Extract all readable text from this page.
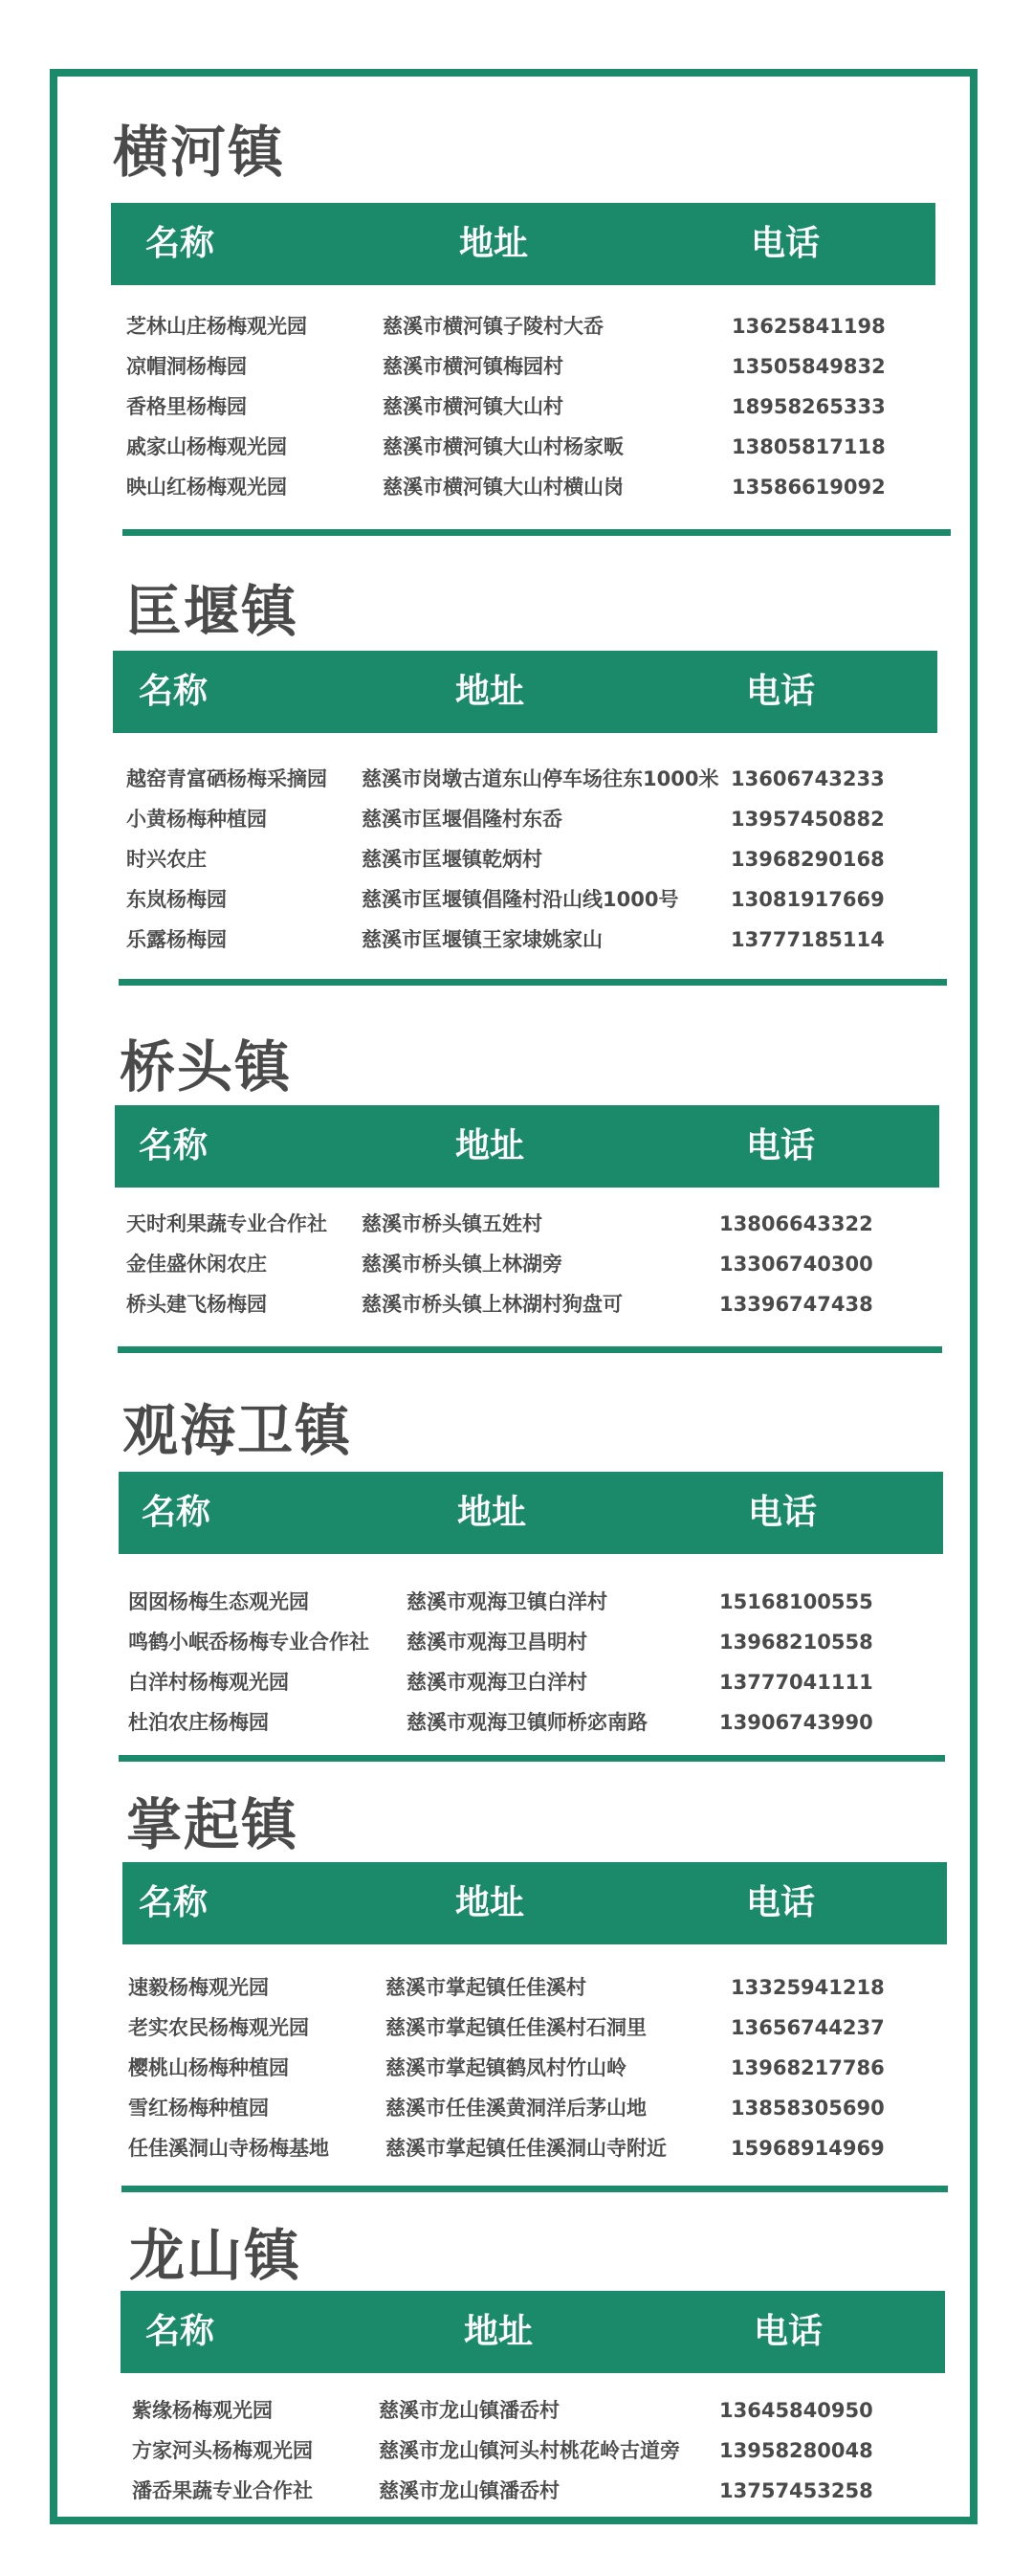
横河镇
名称	地址	电话
芝林山庄杨梅观光园	慈溪市横河镇子陵村大岙	13625841198
凉帽洞杨梅园	慈溪市横河镇梅园村	13505849832
香格里杨梅园	慈溪市横河镇大山村	18958265333
戚家山杨梅观光园	慈溪市横河镇大山村杨家畈	13805817118
映山红杨梅观光园	慈溪市横河镇大山村横山岗	13586619092
匡堰镇
名称	地址	电话
越窑青富硒杨梅采摘园 慈溪市岗墩古道东山停车场往东1000米 13606743233
小黄杨梅种植园	慈溪市匡堰倡隆村东岙	13957450882
时兴农庄	慈溪市匡堰镇乾炳村	13968290168
东岚杨梅园	慈溪市匡堰镇倡隆村沿山线1000号	13081917669
乐露杨梅园	慈溪市匡堰镇王家埭姚家山	13777185114
桥头镇
名称	地址	电话
天时利果蔬专业合作社 慈溪市桥头镇五姓村	13806643322
金佳盛休闲农庄	慈溪市桥头镇上林湖旁	13306740300
桥头建飞杨梅园	慈溪市桥头镇上林湖村狗盘可	13396747438
观海卫镇
名称	地址	电话
囡囡杨梅生态观光园	慈溪市观海卫镇白洋村	15168100555
鸣鹤小岷岙杨梅专业合作社 慈溪市观海卫昌明村	13968210558
白洋村杨梅观光园	慈溪市观海卫白洋村	13777041111
杜泊农庄杨梅园	慈溪市观海卫镇师桥宓南路	13906743990
掌起镇
名称	地址	电话
速毅杨梅观光园	慈溪市掌起镇任佳溪村	13325941218
老实农民杨梅观光园	慈溪市掌起镇任佳溪村石洞里	13656744237
樱桃山杨梅种植园	慈溪市掌起镇鹤凤村竹山岭	13968217786
雪红杨梅种植园	慈溪市任佳溪黄洞洋后茅山地	13858305690
任佳溪洞山寺杨梅基地	慈溪市掌起镇任佳溪洞山寺附近	15968914969
龙山镇
名称	地址	电话
紫缘杨梅观光园	慈溪市龙山镇潘岙村	13645840950
方家河头杨梅观光园	慈溪市龙山镇河头村桃花岭古道旁 13958280048
潘岙果蔬专业合作社	慈溪市龙山镇潘岙村	13757453258
